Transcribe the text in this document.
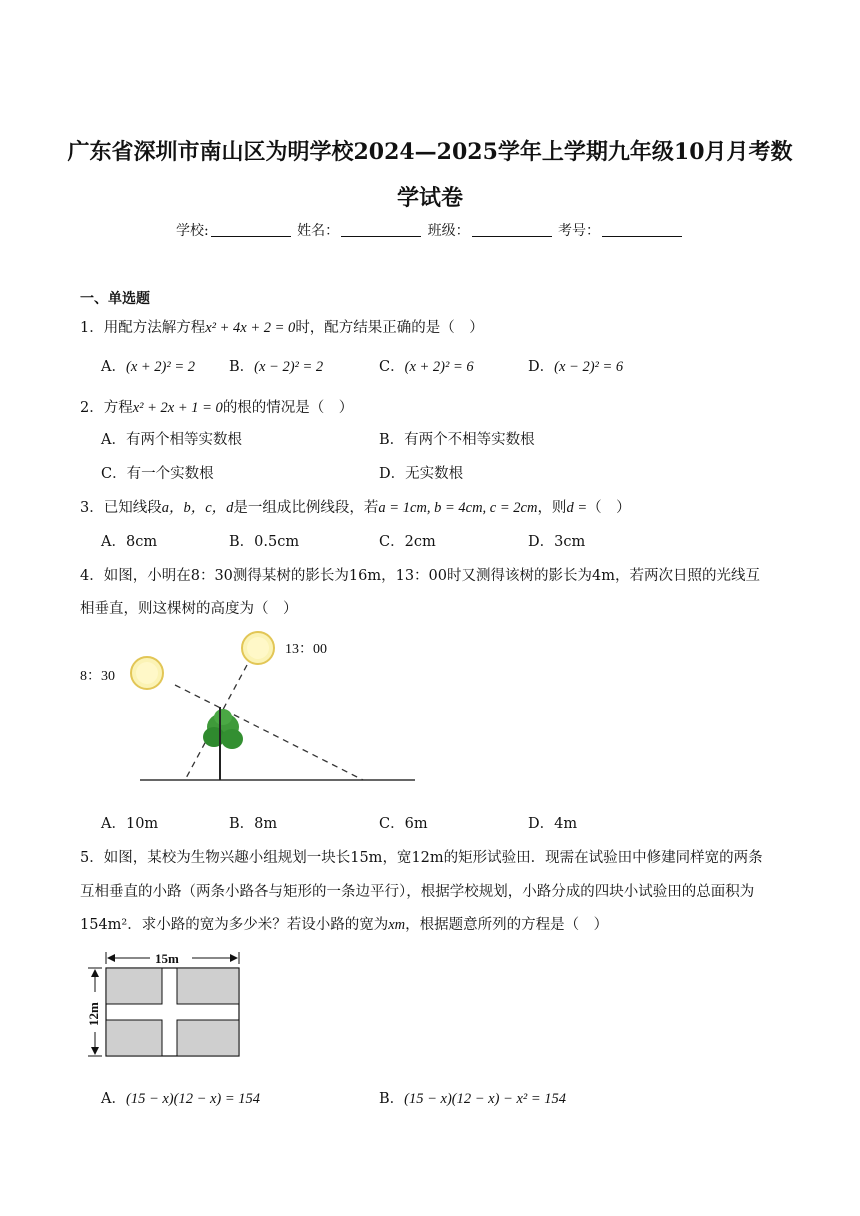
广东省深圳市南山区为明学校2024—2025学年上学期九年级10月月考数
学试卷
学校:	姓名：	班级：	考号：
一、单选题
1．用配方法解方程x² + 4x + 2 = 0时，配方结果正确的是（　）
A．(x + 2)² = 2 B．(x − 2)² = 2	C．(x + 2)² = 6	D．(x − 2)² = 6
2．方程x² + 2x + 1 = 0的根的情况是（　）
A．有两个相等实数根	B．有两个不相等实数根
C．有一个实数根	D．无实数根
3．已知线段a，b，c，d是一组成比例线段，若a = 1cm, b = 4cm, c = 2cm，则d =（　）
A．8cm	B．0.5cm	C．2cm	D．3cm
4．如图，小明在8：30测得某树的影长为16m，13：00时又测得该树的影长为4m，若两次日照的光线互
相垂直，则这棵树的高度为（　）
8：30
13：00
A．10m	B．8m	C．6m	D．4m
5．如图，某校为生物兴趣小组规划一块长15m，宽12m的矩形试验田．现需在试验田中修建同样宽的两条
互相垂直的小路（两条小路各与矩形的一条边平行），根据学校规划，小路分成的四块小试验田的总面积为
154m²．求小路的宽为多少米？若设小路的宽为xm，根据题意所列的方程是（　）
15m
12m
A．(15 − x)(12 − x) = 154	B．(15 − x)(12 − x) − x² = 154
